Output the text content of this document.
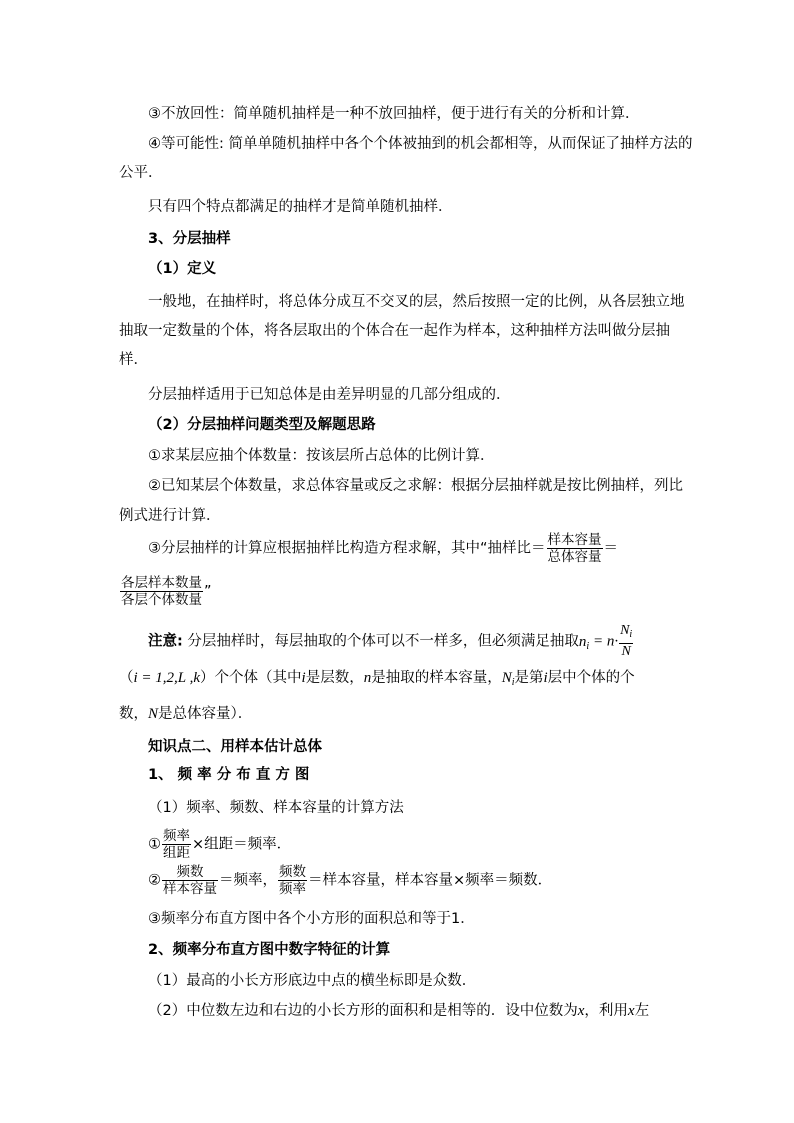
③不放回性：简单随机抽样是一种不放回抽样，便于进行有关的分析和计算．
④等可能性: 简单单随机抽样中各个个体被抽到的机会都相等，从而保证了抽样方法的
公平．
只有四个特点都满足的抽样才是简单随机抽样．
3、分层抽样
（1）定义
一般地，在抽样时，将总体分成互不交叉的层，然后按照一定的比例，从各层独立地
抽取一定数量的个体，将各层取出的个体合在一起作为样本，这种抽样方法叫做分层抽
样．
分层抽样适用于已知总体是由差异明显的几部分组成的．
（2）分层抽样问题类型及解题思路
①求某层应抽个体数量：按该层所占总体的比例计算．
②已知某层个体数量，求总体容量或反之求解：根据分层抽样就是按比例抽样，列比
例式进行计算．
③分层抽样的计算应根据抽样比构造方程求解，其中“抽样比＝ $\frac{\text{样本容量}}{\text{总体容量}}$ ＝
$\frac{\text{各层样本数量}}{\text{各层个体数量}}$ ”
注意: 分层抽样时，每层抽取的个体可以不一样多，但必须满足抽取$n_i = n\cdot \frac{N_i}{N}$
（i = 1,2,L ,k）个个体（其中i是层数，n是抽取的样本容量，$N_i$是第i层中个体的个
数，N是总体容量）．
知识点二、用样本估计总体
1、 频 率 分 布 直 方 图
（1）频率、频数、样本容量的计算方法
① $\frac{\text{频率}}{\text{组距}}$ ×组距＝频率．
② $\frac{\text{频数}}{\text{样本容量}}$ ＝频率， $\frac{\text{频数}}{\text{频率}}$ ＝样本容量，样本容量×频率＝频数．
③频率分布直方图中各个小方形的面积总和等于1．
2、频率分布直方图中数字特征的计算
（1）最高的小长方形底边中点的横坐标即是众数．
（2）中位数左边和右边的小长方形的面积和是相等的．设中位数为x，利用x左
